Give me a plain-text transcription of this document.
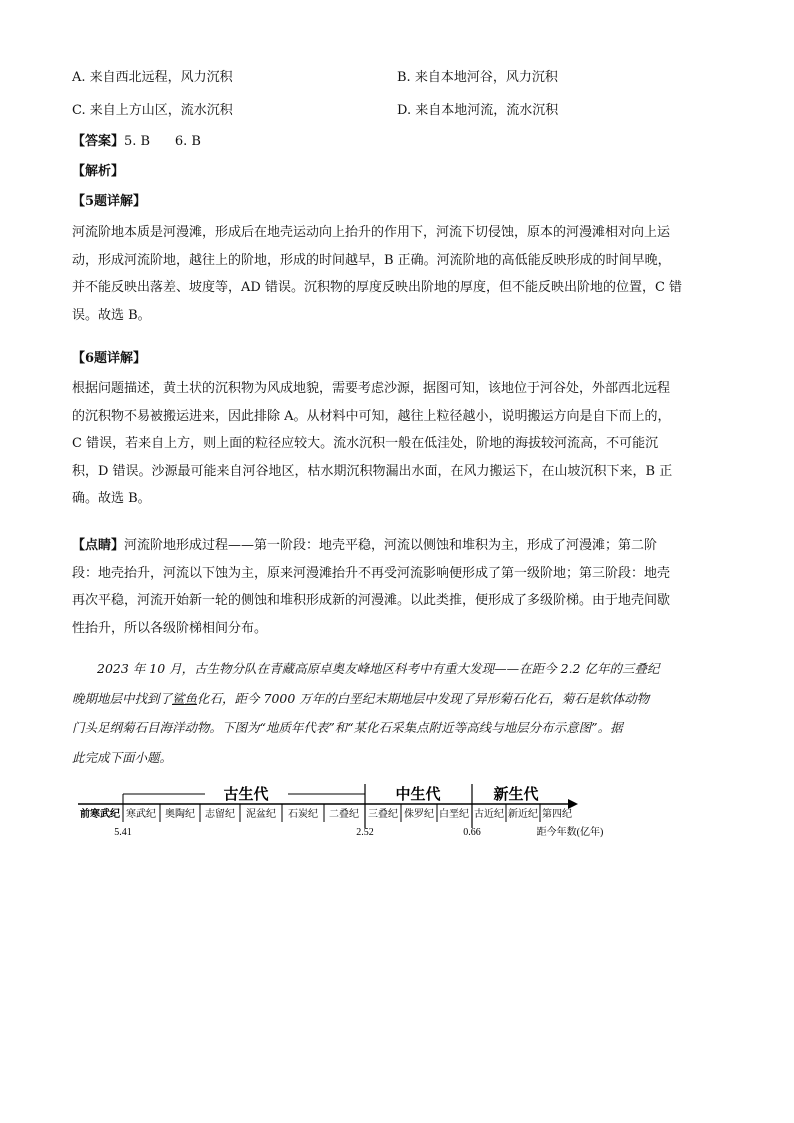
A. 来自西北远程，风力沉积	B. 来自本地河谷，风力沉积
C. 来自上方山区，流水沉积	D. 来自本地河流，流水沉积
【答案】5. B      6. B
【解析】
【5题详解】

河流阶地本质是河漫滩，形成后在地壳运动向上抬升的作用下，河流下切侵蚀，原本的河漫滩相对向上运

动，形成河流阶地，越往上的阶地，形成的时间越早，B 正确。河流阶地的高低能反映形成的时间早晚，

并不能反映出落差、坡度等，AD 错误。沉积物的厚度反映出阶地的厚度，但不能反映出阶地的位置，C 错

误。故选 B。

【6题详解】

根据问题描述，黄土状的沉积物为风成地貌，需要考虑沙源，据图可知，该地位于河谷处，外部西北远程

的沉积物不易被搬运进来，因此排除 A。从材料中可知，越往上粒径越小，说明搬运方向是自下而上的，

C 错误，若来自上方，则上面的粒径应较大。流水沉积一般在低洼处，阶地的海拔较河流高，不可能沉

积，D 错误。沙源最可能来自河谷地区，枯水期沉积物漏出水面，在风力搬运下，在山坡沉积下来，B 正

确。故选 B。

【点睛】河流阶地形成过程——第一阶段：地壳平稳，河流以侧蚀和堆积为主，形成了河漫滩；第二阶

段：地壳抬升，河流以下蚀为主，原来河漫滩抬升不再受河流影响便形成了第一级阶地；第三阶段：地壳

再次平稳，河流开始新一轮的侧蚀和堆积形成新的河漫滩。以此类推，便形成了多级阶梯。由于地壳间歇

性抬升，所以各级阶梯相间分布。

2023 年 10 月，古生物分队在青藏高原卓奥友峰地区科考中有重大发现——在距今 2.2 亿年的三叠纪

晚期地层中找到了鲨鱼化石，距今 7000 万年的白垩纪末期地层中发现了异形菊石化石，菊石是软体动物

门头足纲菊石目海洋动物。下图为“地质年代表”和“某化石采集点附近等高线与地层分布示意图”。据

此完成下面小题。

古生代	中生代	新生代
前寒武纪 寒武纪 奥陶纪 志留纪 泥盆纪 石炭纪 二叠纪 三叠纪 侏罗纪 白垩纪 古近纪 新近纪 第四纪
5.41	2.52	0.66	距今年数(亿年)
